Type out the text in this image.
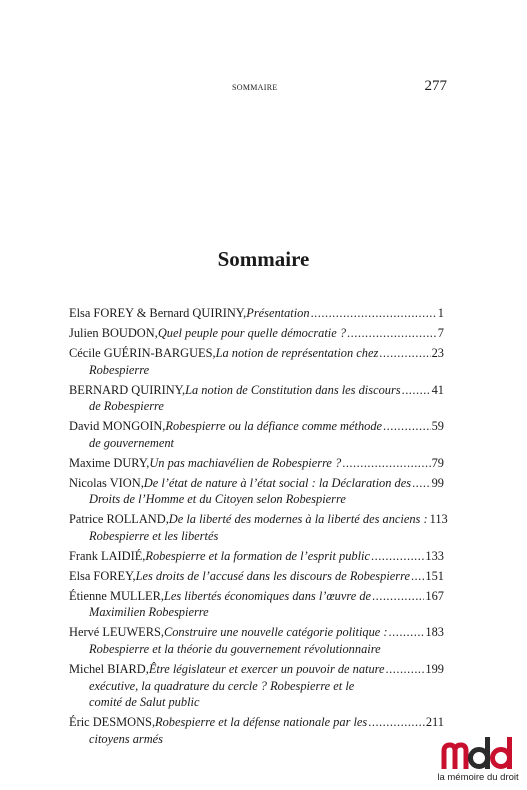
SOMMAIRE	277
Sommaire
Elsa FOREY & Bernard QUIRINY, Présentation .....	1
Julien BOUDON, Quel peuple pour quelle démocratie ? .....	7
Cécile GUÉRIN-BARGUES, La notion de représentation chez .....	23
Robespierre
BERNARD QUIRINY, La notion de Constitution dans les discours .....	41
de Robespierre
David MONGOIN, Robespierre ou la défiance comme méthode .....	59
de gouvernement
Maxime DURY, Un pas machiavélien de Robespierre ? .....	79
Nicolas VION, De l’état de nature à l’état social : la Déclaration des ..... 99
Droits de l’Homme et du Citoyen selon Robespierre
Patrice ROLLAND, De la liberté des modernes à la liberté des anciens : 113
Robespierre et les libertés
Frank LAIDIÉ, Robespierre et la formation de l’esprit public .....	133
Elsa FOREY, Les droits de l’accusé dans les discours de Robespierre ..... 151
Étienne MULLER, Les libertés économiques dans l’œuvre de .....	167
Maximilien Robespierre
Hervé LEUWERS, Construire une nouvelle catégorie politique : .....	183
Robespierre et la théorie du gouvernement révolutionnaire
Michel BIARD, Être législateur et exercer un pouvoir de nature .....	199
exécutive, la quadrature du cercle ? Robespierre et le
comité de Salut public
Éric DESMONS, Robespierre et la défense nationale par les .....	211
citoyens armés
la mémoire du droit
